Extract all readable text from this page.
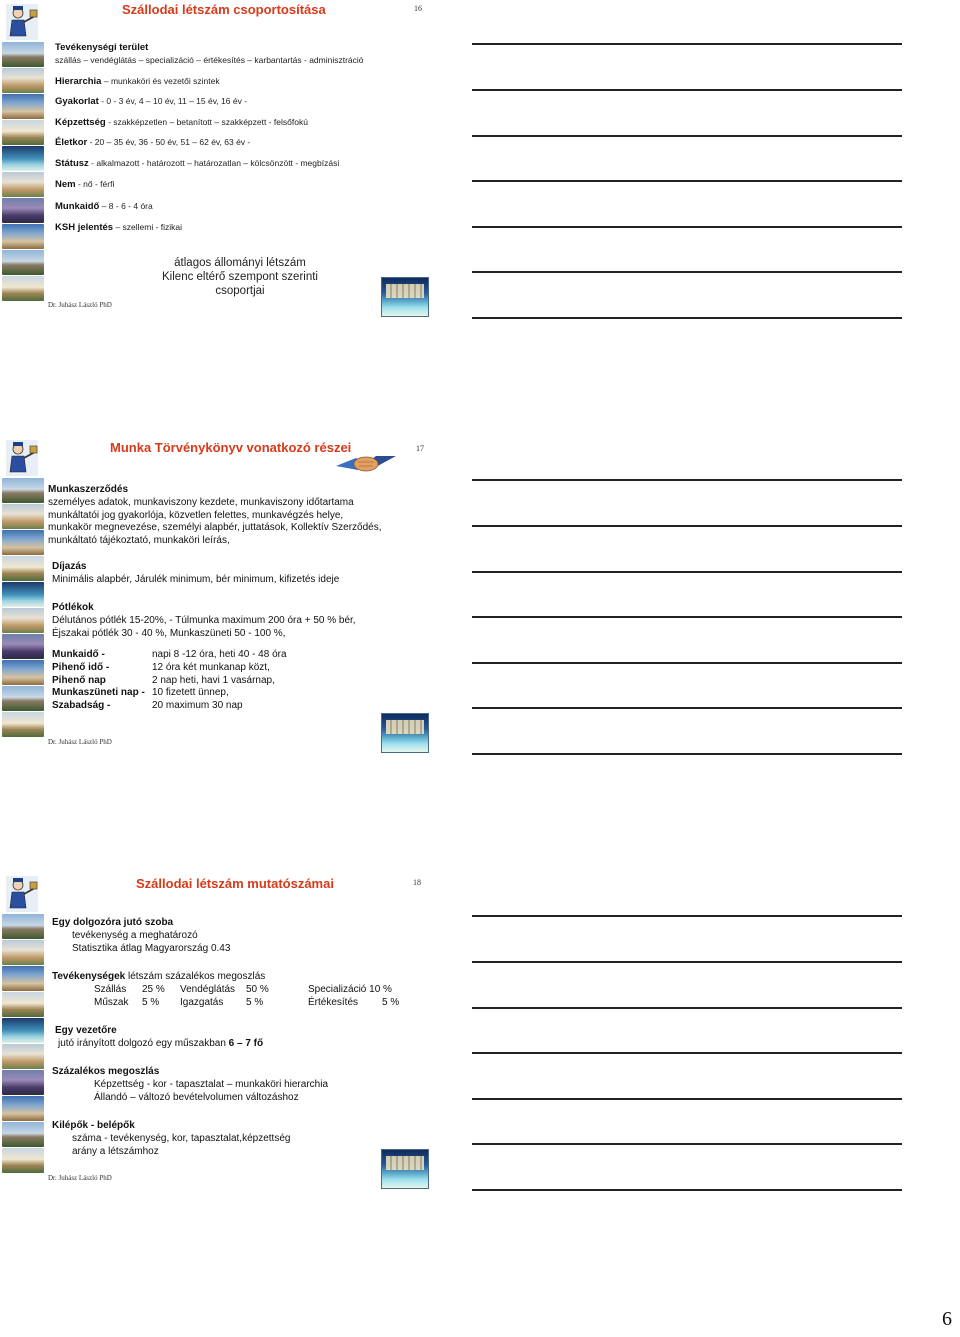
Szállodai létszám csoportosítása	16
Tevékenységi terület
szállás – vendéglátás – specializáció – értékesítés – karbantartás - adminisztráció
Hierarchia – munkaköri és vezetői szintek
Gyakorlat - 0 - 3 év, 4 – 10 év, 11 – 15 év, 16 év -
Képzettség - szakképzetlen – betanított – szakképzett - felsőfokú
Életkor - 20 – 35 év, 36 - 50 év, 51 – 62 év, 63 év -
Státusz - alkalmazott - határozott – határozatlan – kölcsönzött - megbízási
Nem - nő - férfi
Munkaidő – 8 - 6 - 4 óra
KSH jelentés – szellemi - fizikai
átlagos állományi létszám
Kilenc eltérő szempont szerinti
csoportjai
Dr. Juhász László PhD
Munka Törvénykönyv vonatkozó részei	17
Munkaszerződés
személyes adatok, munkaviszony kezdete, munkaviszony időtartama
munkáltatói jog gyakorlója, közvetlen felettes, munkavégzés helye,
munkakör megnevezése, személyi alapbér, juttatások, Kollektív Szerződés,
munkáltató tájékoztató, munkaköri leírás,
Díjazás
Minimális alapbér, Járulék minimum, bér minimum, kifizetés ideje
Pótlékok
Délutános pótlék 15-20%, - Túlmunka maximum 200 óra + 50 % bér,
Éjszakai pótlék 30 - 40 %, Munkaszüneti 50 - 100 %,
Munkaidő -	napi 8 -12 óra, heti 40 - 48 óra
Pihenő idő -	12 óra két munkanap közt,
Pihenő nap	2 nap heti, havi 1 vasárnap,
Munkaszüneti nap - 10 fizetett ünnep,
Szabadság -	20 maximum 30 nap
Dr. Juhász László PhD
Szállodai létszám mutatószámai	18
Egy dolgozóra jutó szoba
tevékenység a meghatározó
Statisztika átlag Magyarország 0.43
Tevékenységek létszám százalékos megoszlás
Szállás 25 % Vendéglátás 50 %	Specializáció 10 %
Műszak 5 % Igazgatás 5 %	Értékesítés 5 %
Egy vezetőre
jutó irányított dolgozó egy műszakban 6 – 7 fő
Százalékos megoszlás
Képzettség - kor - tapasztalat – munkaköri hierarchia
Állandó – változó bevételvolumen változáshoz
Kilépők - belépők
száma - tevékenység, kor, tapasztalat,képzettség
arány a létszámhoz
Dr. Juhász László PhD
6
